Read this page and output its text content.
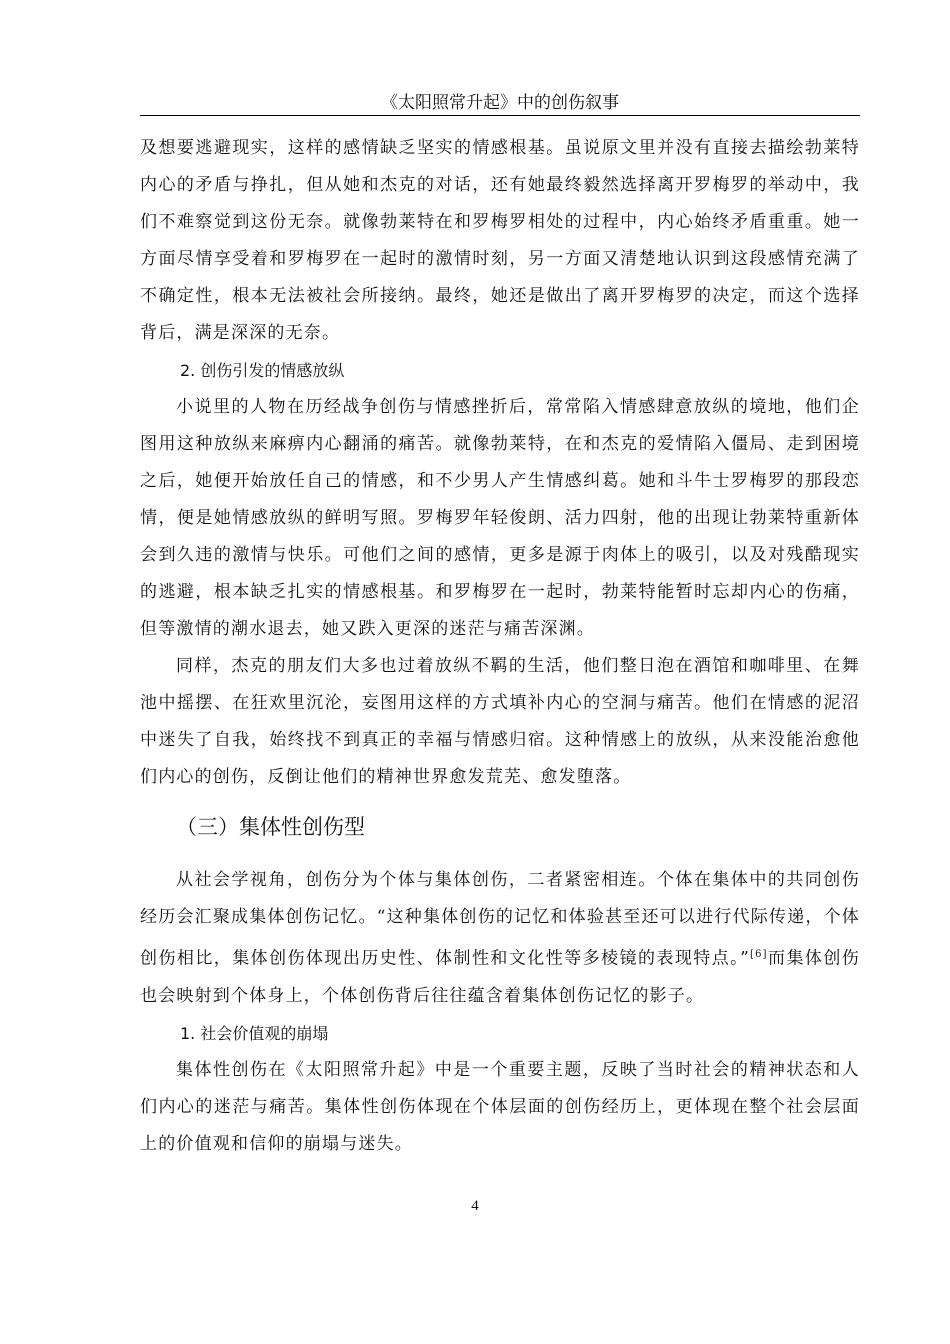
《太阳照常升起》中的创伤叙事

及想要逃避现实，这样的感情缺乏坚实的情感根基。虽说原文里并没有直接去描绘勃莱特内心的矛盾与挣扎，但从她和杰克的对话，还有她最终毅然选择离开罗梅罗的举动中，我们不难察觉到这份无奈。就像勃莱特在和罗梅罗相处的过程中，内心始终矛盾重重。她一方面尽情享受着和罗梅罗在一起时的激情时刻，另一方面又清楚地认识到这段感情充满了不确定性，根本无法被社会所接纳。最终，她还是做出了离开罗梅罗的决定，而这个选择背后，满是深深的无奈。

2. 创伤引发的情感放纵

小说里的人物在历经战争创伤与情感挫折后，常常陷入情感肆意放纵的境地，他们企图用这种放纵来麻痹内心翻涌的痛苦。就像勃莱特，在和杰克的爱情陷入僵局、走到困境之后，她便开始放任自己的情感，和不少男人产生情感纠葛。她和斗牛士罗梅罗的那段恋情，便是她情感放纵的鲜明写照。罗梅罗年轻俊朗、活力四射，他的出现让勃莱特重新体会到久违的激情与快乐。可他们之间的感情，更多是源于肉体上的吸引，以及对残酷现实的逃避，根本缺乏扎实的情感根基。和罗梅罗在一起时，勃莱特能暂时忘却内心的伤痛，但等激情的潮水退去，她又跌入更深的迷茫与痛苦深渊。

同样，杰克的朋友们大多也过着放纵不羁的生活，他们整日泡在酒馆和咖啡里、在舞池中摇摆、在狂欢里沉沦，妄图用这样的方式填补内心的空洞与痛苦。他们在情感的泥沼中迷失了自我，始终找不到真正的幸福与情感归宿。这种情感上的放纵，从来没能治愈他们内心的创伤，反倒让他们的精神世界愈发荒芜、愈发堕落。

（三）集体性创伤型

从社会学视角，创伤分为个体与集体创伤，二者紧密相连。个体在集体中的共同创伤经历会汇聚成集体创伤记忆。“这种集体创伤的记忆和体验甚至还可以进行代际传递，个体创伤相比，集体创伤体现出历史性、体制性和文化性等多棱镜的表现特点。”[6]而集体创伤也会映射到个体身上，个体创伤背后往往蕴含着集体创伤记忆的影子。

1. 社会价值观的崩塌

集体性创伤在《太阳照常升起》中是一个重要主题，反映了当时社会的精神状态和人们内心的迷茫与痛苦。集体性创伤体现在个体层面的创伤经历上，更体现在整个社会层面上的价值观和信仰的崩塌与迷失。

4
